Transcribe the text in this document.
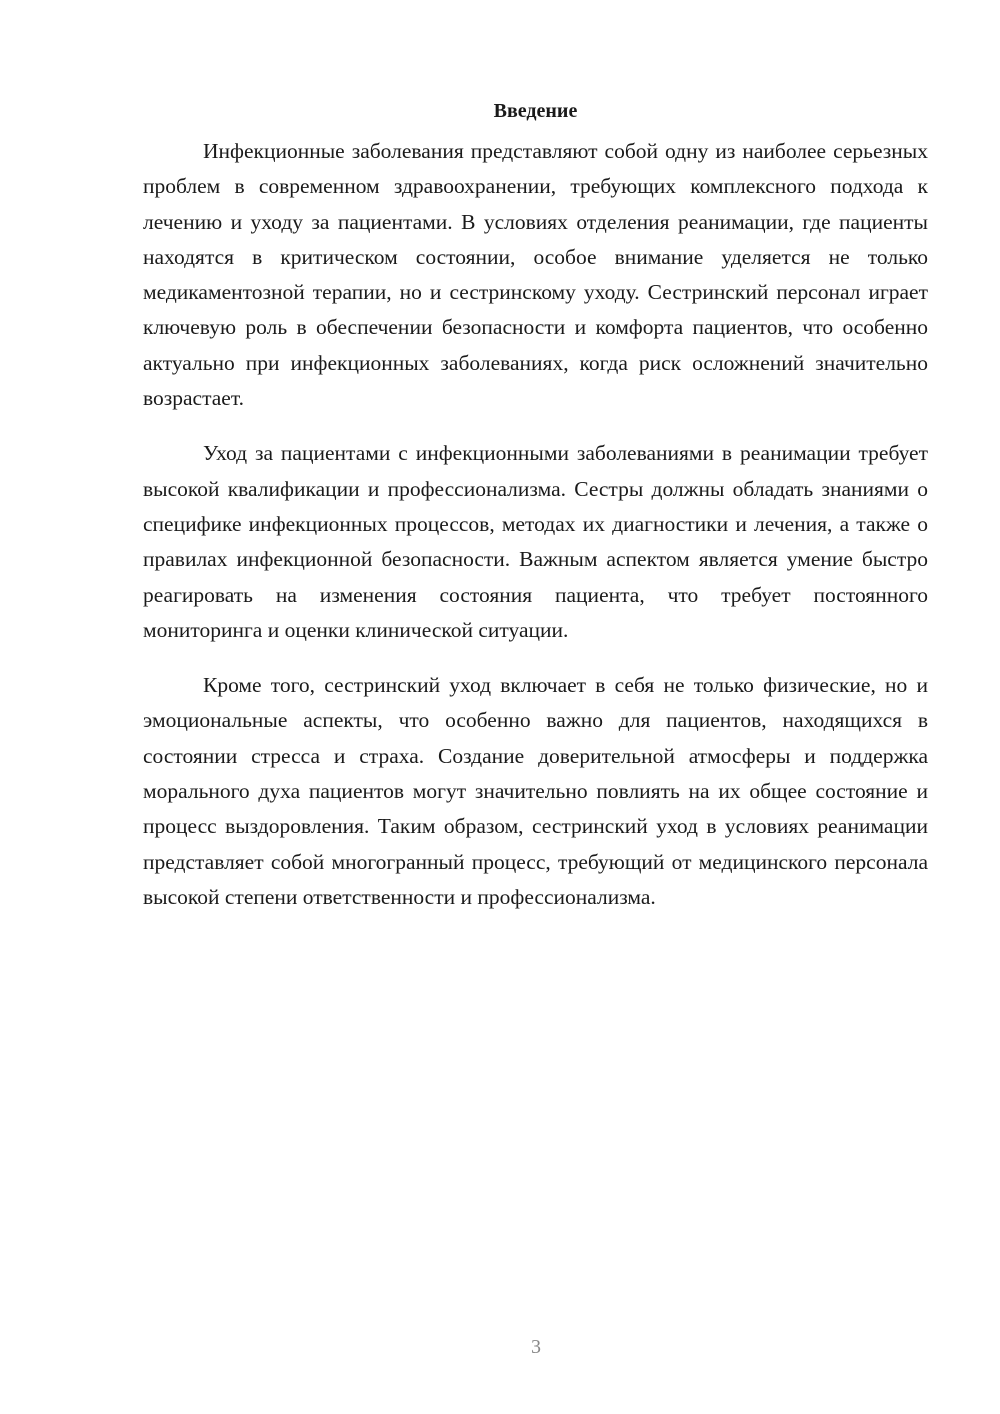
Введение

Инфекционные заболевания представляют собой одну из наиболее серьезных проблем в современном здравоохранении, требующих комплексного подхода к лечению и уходу за пациентами. В условиях отделения реанимации, где пациенты находятся в критическом состоянии, особое внимание уделяется не только медикаментозной терапии, но и сестринскому уходу. Сестринский персонал играет ключевую роль в обеспечении безопасности и комфорта пациентов, что особенно актуально при инфекционных заболеваниях, когда риск осложнений значительно возрастает.

Уход за пациентами с инфекционными заболеваниями в реанимации требует высокой квалификации и профессионализма. Сестры должны обладать знаниями о специфике инфекционных процессов, методах их диагностики и лечения, а также о правилах инфекционной безопасности. Важным аспектом является умение быстро реагировать на изменения состояния пациента, что требует постоянного мониторинга и оценки клинической ситуации.

Кроме того, сестринский уход включает в себя не только физические, но и эмоциональные аспекты, что особенно важно для пациентов, находящихся в состоянии стресса и страха. Создание доверительной атмосферы и поддержка морального духа пациентов могут значительно повлиять на их общее состояние и процесс выздоровления. Таким образом, сестринский уход в условиях реанимации представляет собой многогранный процесс, требующий от медицинского персонала высокой степени ответственности и профессионализма.

3
